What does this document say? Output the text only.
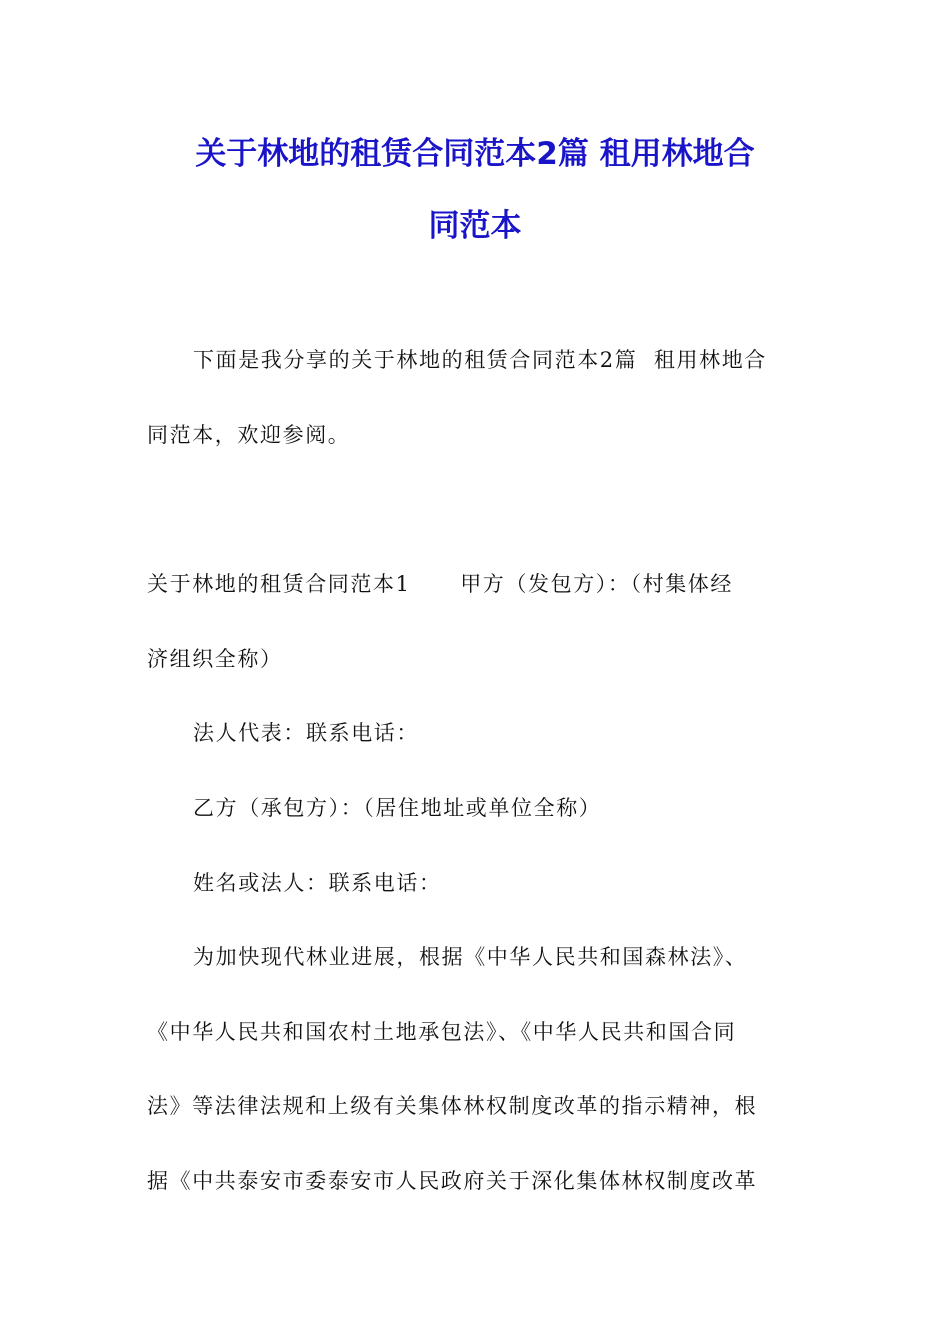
关于林地的租赁合同范本2篇 租用林地合
同范本
下面是我分享的关于林地的租赁合同范本2篇  租用林地合
同范本，欢迎参阅。
关于林地的租赁合同范本1      甲方（发包方）：（村集体经
济组织全称）
法人代表：联系电话：
乙方（承包方）：（居住地址或单位全称）
姓名或法人：联系电话：
为加快现代林业进展，根据《中华人民共和国森林法》、
《中华人民共和国农村土地承包法》、《中华人民共和国合同
法》等法律法规和上级有关集体林权制度改革的指示精神，根
据《中共泰安市委泰安市人民政府关于深化集体林权制度改革
